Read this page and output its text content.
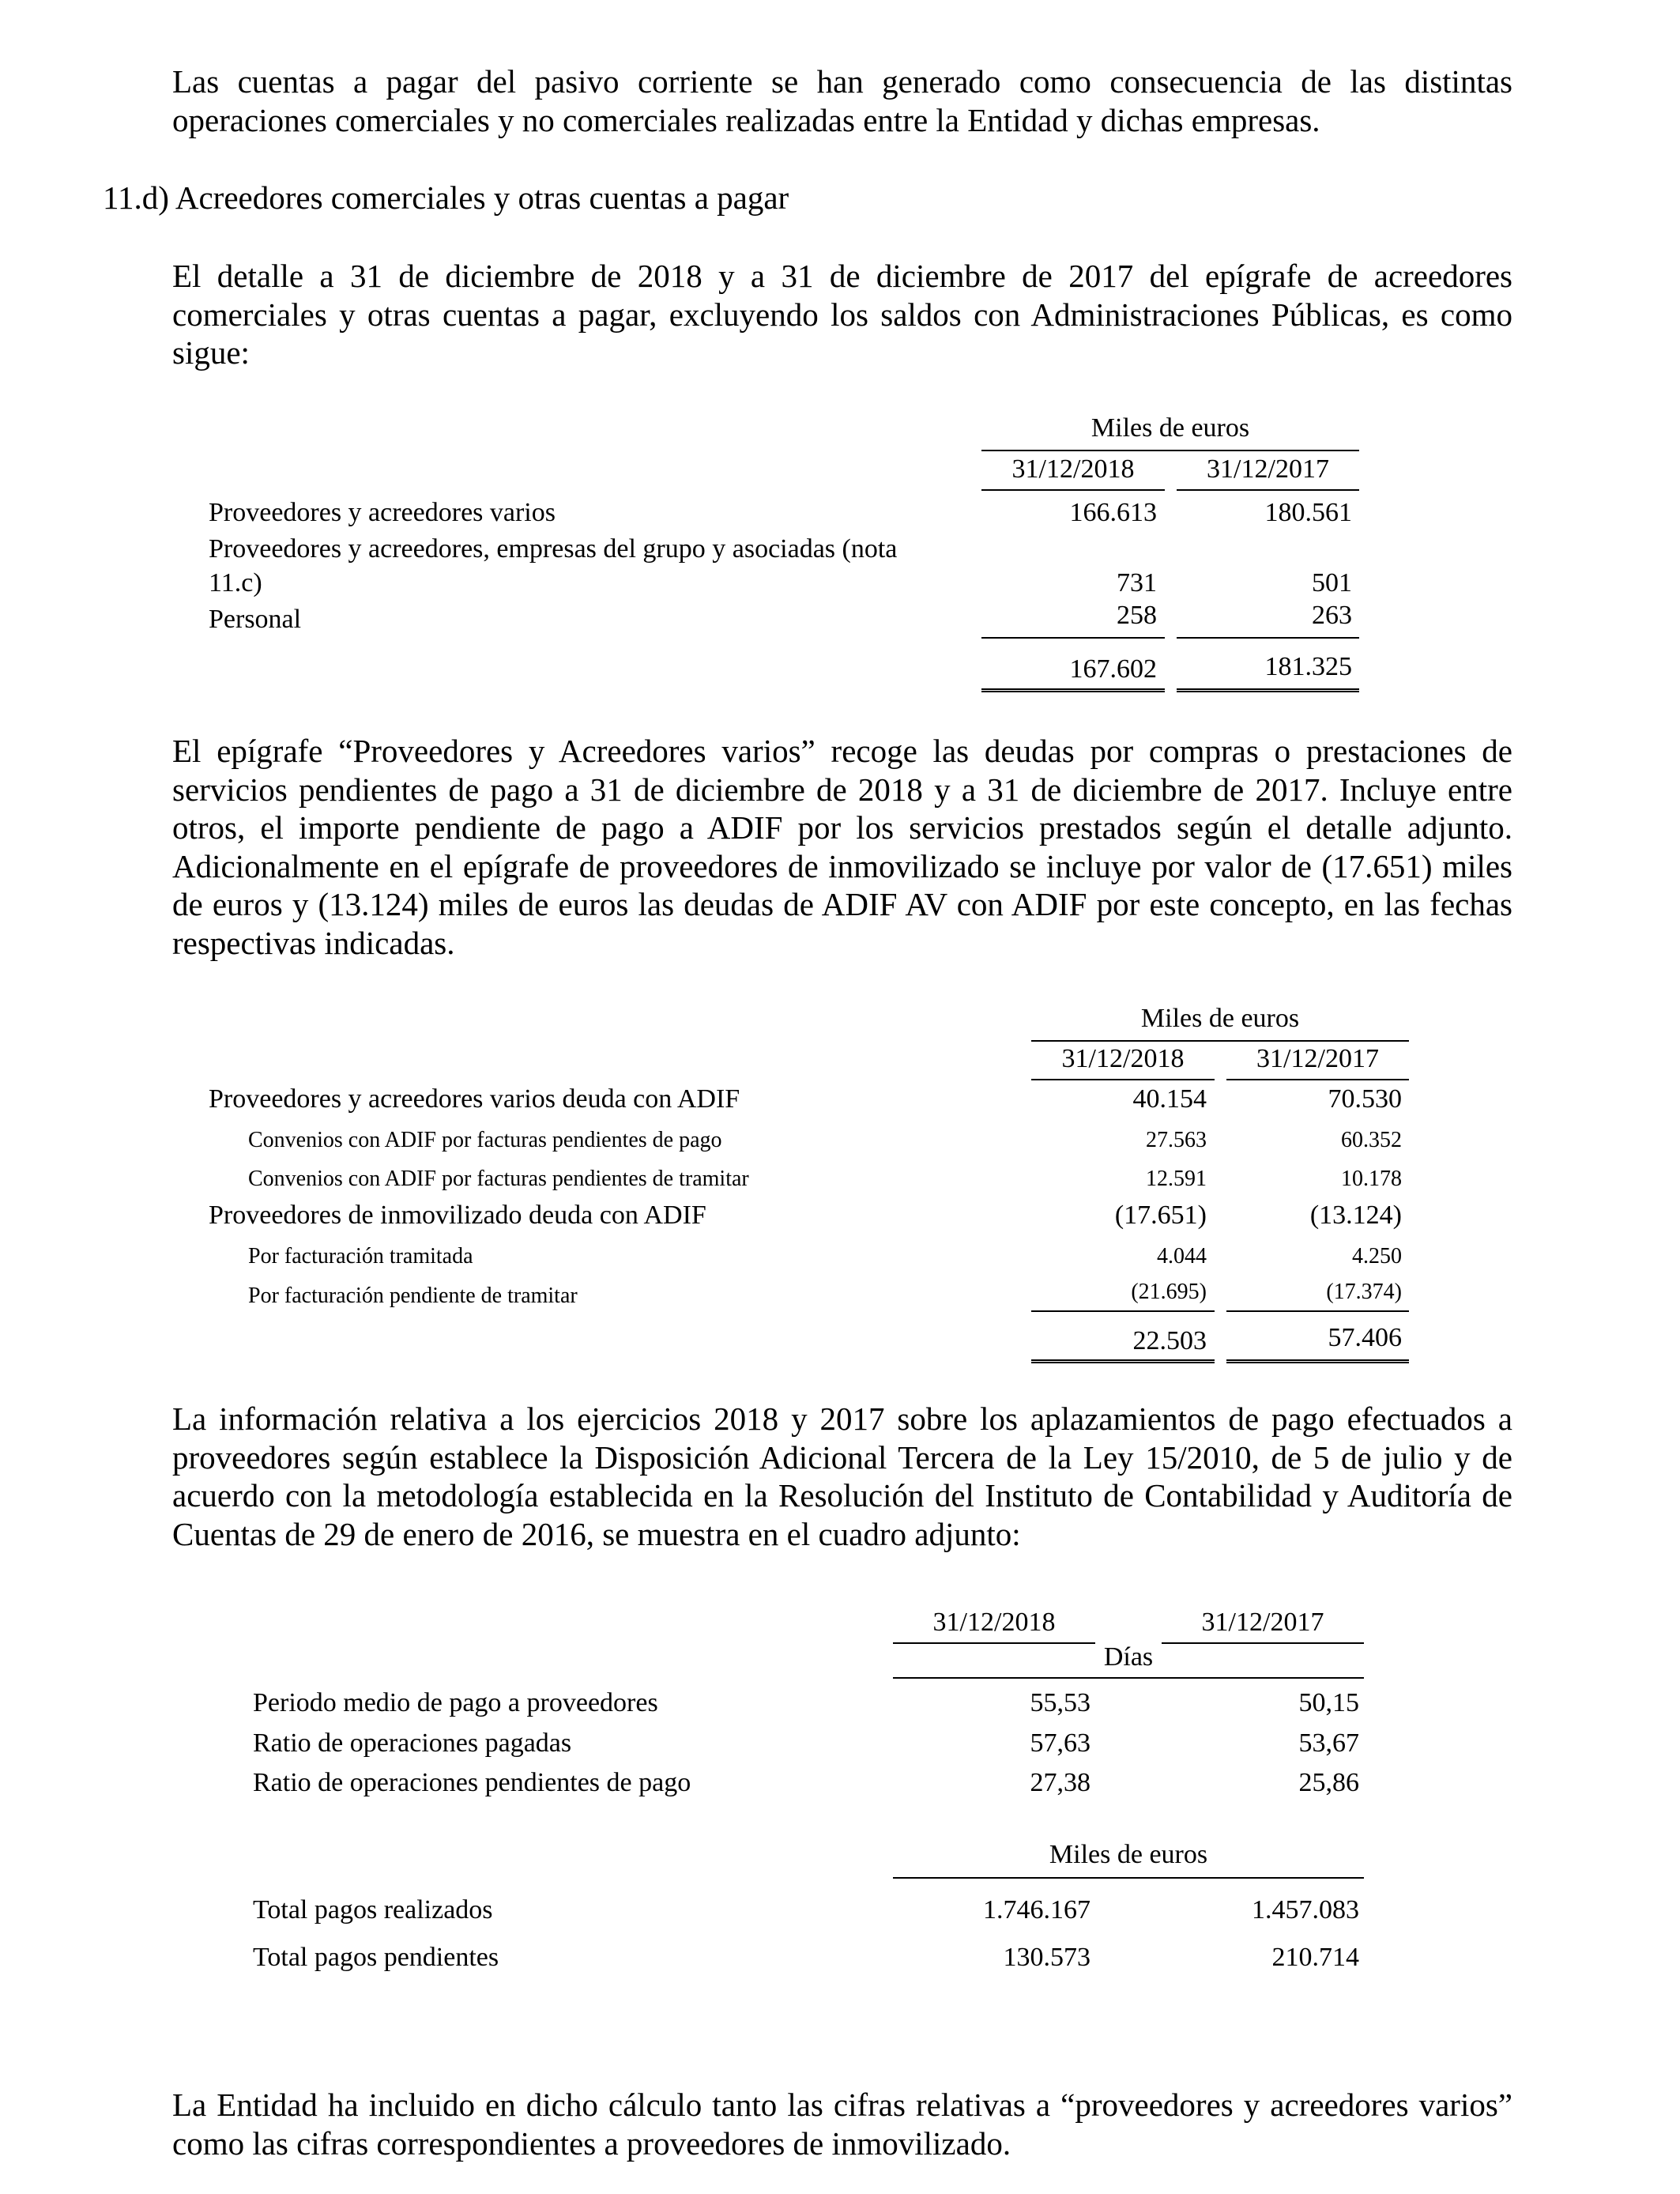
Las cuentas a pagar del pasivo corriente se han generado como consecuencia de las distintas operaciones comerciales y no comerciales realizadas entre la Entidad y dichas empresas.

11.d) Acreedores comerciales y otras cuentas a pagar

El detalle a 31 de diciembre de 2018 y a 31 de diciembre de 2017 del epígrafe de acreedores comerciales y otras cuentas a pagar, excluyendo los saldos con Administraciones Públicas, es como sigue:

Miles de euros
31/12/2018	31/12/2017
Proveedores y acreedores varios	166.613	180.561
Proveedores y acreedores, empresas del grupo y asociadas (nota
11.c)	731	501
Personal	258	263
167.602	181.325

El epígrafe “Proveedores y Acreedores varios” recoge las deudas por compras o prestaciones de servicios pendientes de pago a 31 de diciembre de 2018 y a 31 de diciembre de 2017. Incluye entre otros, el importe pendiente de pago a ADIF por los servicios prestados según el detalle adjunto. Adicionalmente en el epígrafe de proveedores de inmovilizado se incluye por valor de (17.651) miles de euros y (13.124) miles de euros las deudas de ADIF AV con ADIF por este concepto, en las fechas respectivas indicadas.

Miles de euros
31/12/2018	31/12/2017
Proveedores y acreedores varios deuda con ADIF	40.154	70.530
Convenios con ADIF por facturas pendientes de pago	27.563	60.352
Convenios con ADIF por facturas pendientes de tramitar	12.591	10.178
Proveedores de inmovilizado deuda con ADIF	(17.651)	(13.124)
Por facturación tramitada	4.044	4.250
Por facturación pendiente de tramitar	(21.695)	(17.374)
22.503	57.406

La información relativa a los ejercicios 2018 y 2017 sobre los aplazamientos de pago efectuados a proveedores según establece la Disposición Adicional Tercera de la Ley 15/2010, de 5 de julio y de acuerdo con la metodología establecida en la Resolución del Instituto de Contabilidad y Auditoría de Cuentas de 29 de enero de 2016, se muestra en el cuadro adjunto:

31/12/2018	31/12/2017
Días
Periodo medio de pago a proveedores	55,53	50,15
Ratio de operaciones pagadas	57,63	53,67
Ratio de operaciones pendientes de pago	27,38	25,86
Miles de euros
Total pagos realizados	1.746.167	1.457.083
Total pagos pendientes	130.573	210.714

La Entidad ha incluido en dicho cálculo tanto las cifras relativas a “proveedores y acreedores varios” como las cifras correspondientes a proveedores de inmovilizado.
